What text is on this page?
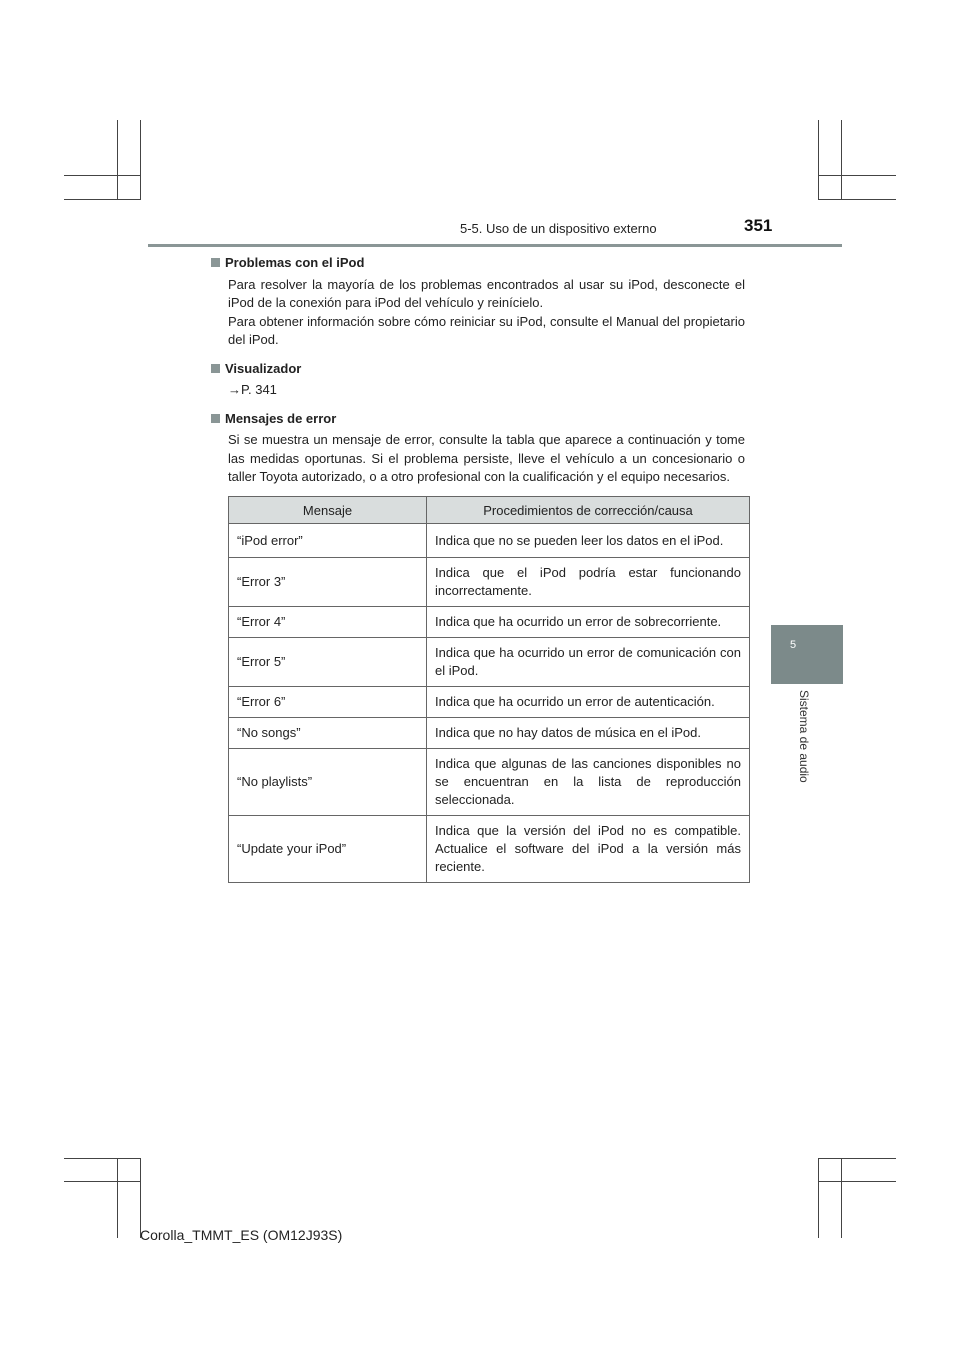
5-5. Uso de un dispositivo externo	351
5
Sistema de audio
Problemas con el iPod
Para resolver la mayoría de los problemas encontrados al usar su iPod, desconecte el iPod de la conexión para iPod del vehículo y reinícielo.
Para obtener información sobre cómo reiniciar su iPod, consulte el Manual del propietario del iPod.
Visualizador
→P. 341
Mensajes de error
Si se muestra un mensaje de error, consulte la tabla que aparece a continuación y tome las medidas oportunas. Si el problema persiste, lleve el vehículo a un concesionario o taller Toyota autorizado, o a otro profesional con la cualificación y el equipo necesarios.
Mensaje	Procedimientos de corrección/causa
“iPod error”	Indica que no se pueden leer los datos en el iPod.
“Error 3”	Indica que el iPod podría estar funcionando incorrectamente.
“Error 4”	Indica que ha ocurrido un error de sobrecorriente.
“Error 5”	Indica que ha ocurrido un error de comunicación con el iPod.
“Error 6”	Indica que ha ocurrido un error de autenticación.
“No songs”	Indica que no hay datos de música en el iPod.
“No playlists”	Indica que algunas de las canciones disponibles no se encuentran en la lista de reproducción seleccionada.
“Update your iPod”	Indica que la versión del iPod no es compatible. Actualice el software del iPod a la versión más reciente.
Corolla_TMMT_ES (OM12J93S)
